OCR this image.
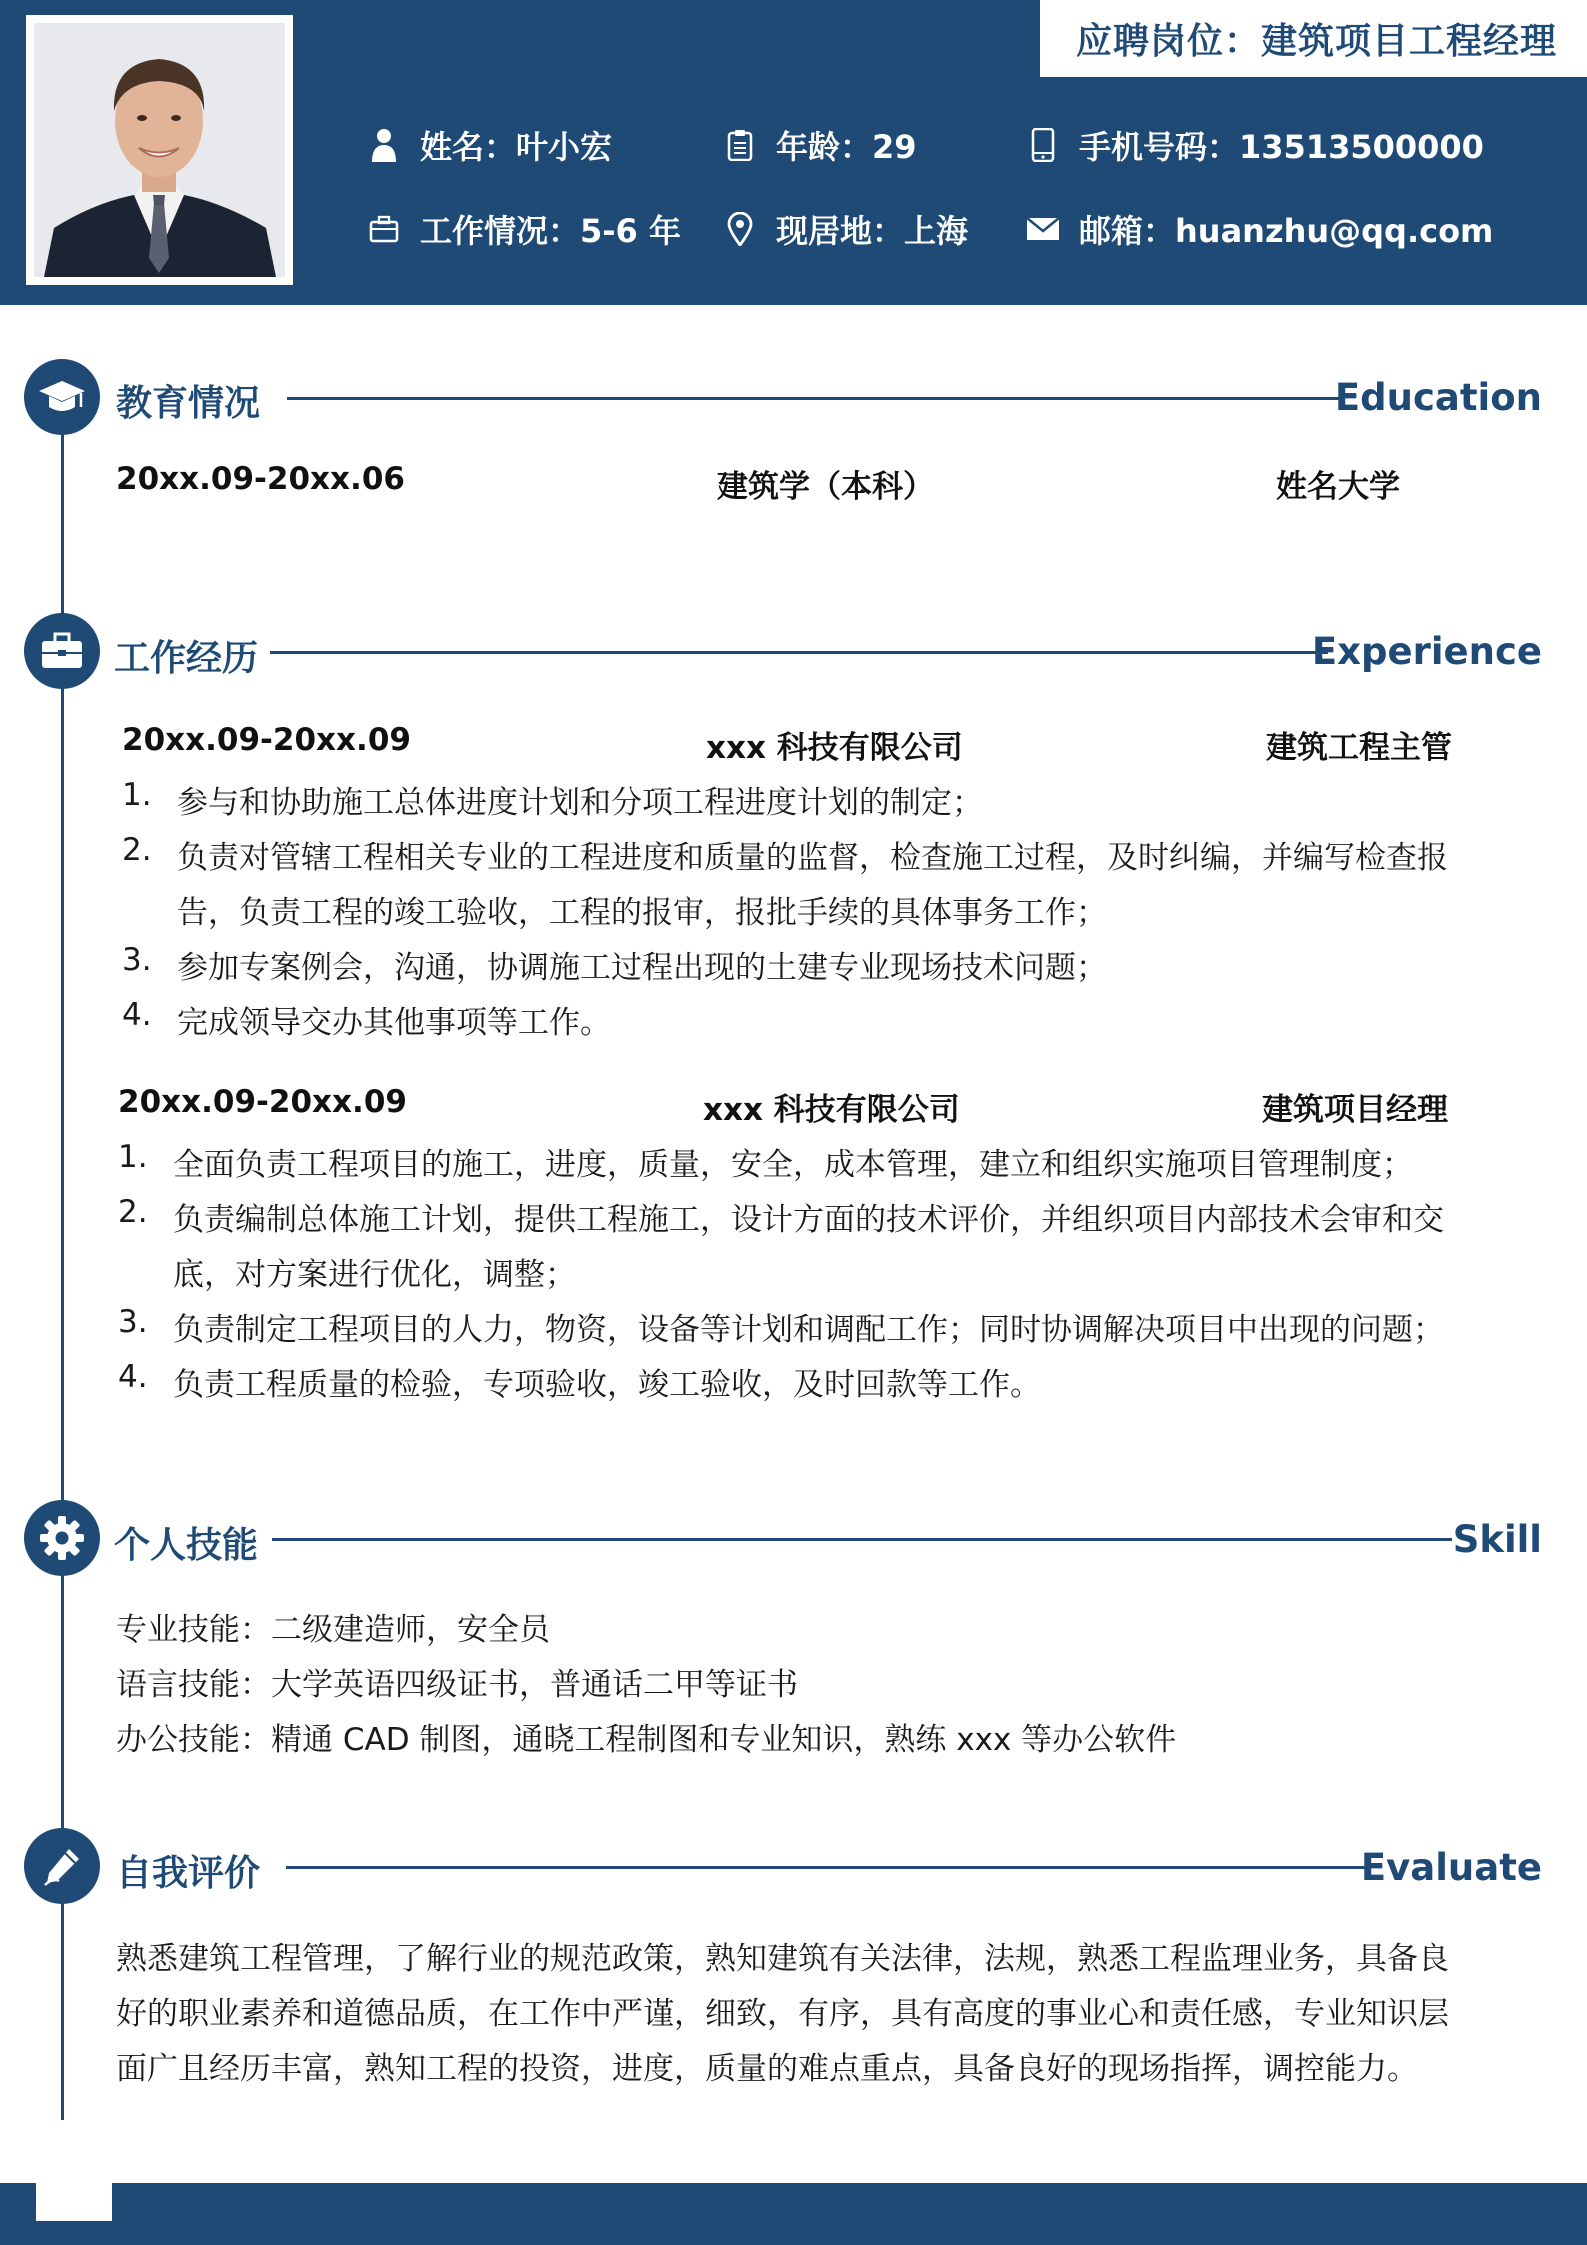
应聘岗位：建筑项目工程经理
姓名：叶小宏	年龄：29	手机号码：13513500000
工作情况：5-6 年	现居地：上海	邮箱：huanzhu@qq.com
教育情况	Education
20xx.09-20xx.06	建筑学（本科）	姓名大学
工作经历	Experience
20xx.09-20xx.09	xxx 科技有限公司	建筑工程主管
1. 参与和协助施工总体进度计划和分项工程进度计划的制定；
2. 负责对管辖工程相关专业的工程进度和质量的监督，检查施工过程，及时纠编，并编写检查报
告，负责工程的竣工验收，工程的报审，报批手续的具体事务工作；
3. 参加专案例会，沟通，协调施工过程出现的土建专业现场技术问题；
4. 完成领导交办其他事项等工作。
20xx.09-20xx.09	xxx 科技有限公司	建筑项目经理
1. 全面负责工程项目的施工，进度，质量，安全，成本管理，建立和组织实施项目管理制度；
2. 负责编制总体施工计划，提供工程施工，设计方面的技术评价，并组织项目内部技术会审和交
底，对方案进行优化，调整；
3. 负责制定工程项目的人力，物资，设备等计划和调配工作；同时协调解决项目中出现的问题；
4. 负责工程质量的检验，专项验收，竣工验收，及时回款等工作。
个人技能	Skill
专业技能：二级建造师，安全员
语言技能：大学英语四级证书，普通话二甲等证书
办公技能：精通 CAD 制图，通晓工程制图和专业知识，熟练 xxx 等办公软件
自我评价	Evaluate
熟悉建筑工程管理，了解行业的规范政策，熟知建筑有关法律，法规，熟悉工程监理业务，具备良
好的职业素养和道德品质，在工作中严谨，细致，有序，具有高度的事业心和责任感，专业知识层
面广且经历丰富，熟知工程的投资，进度，质量的难点重点，具备良好的现场指挥，调控能力。
